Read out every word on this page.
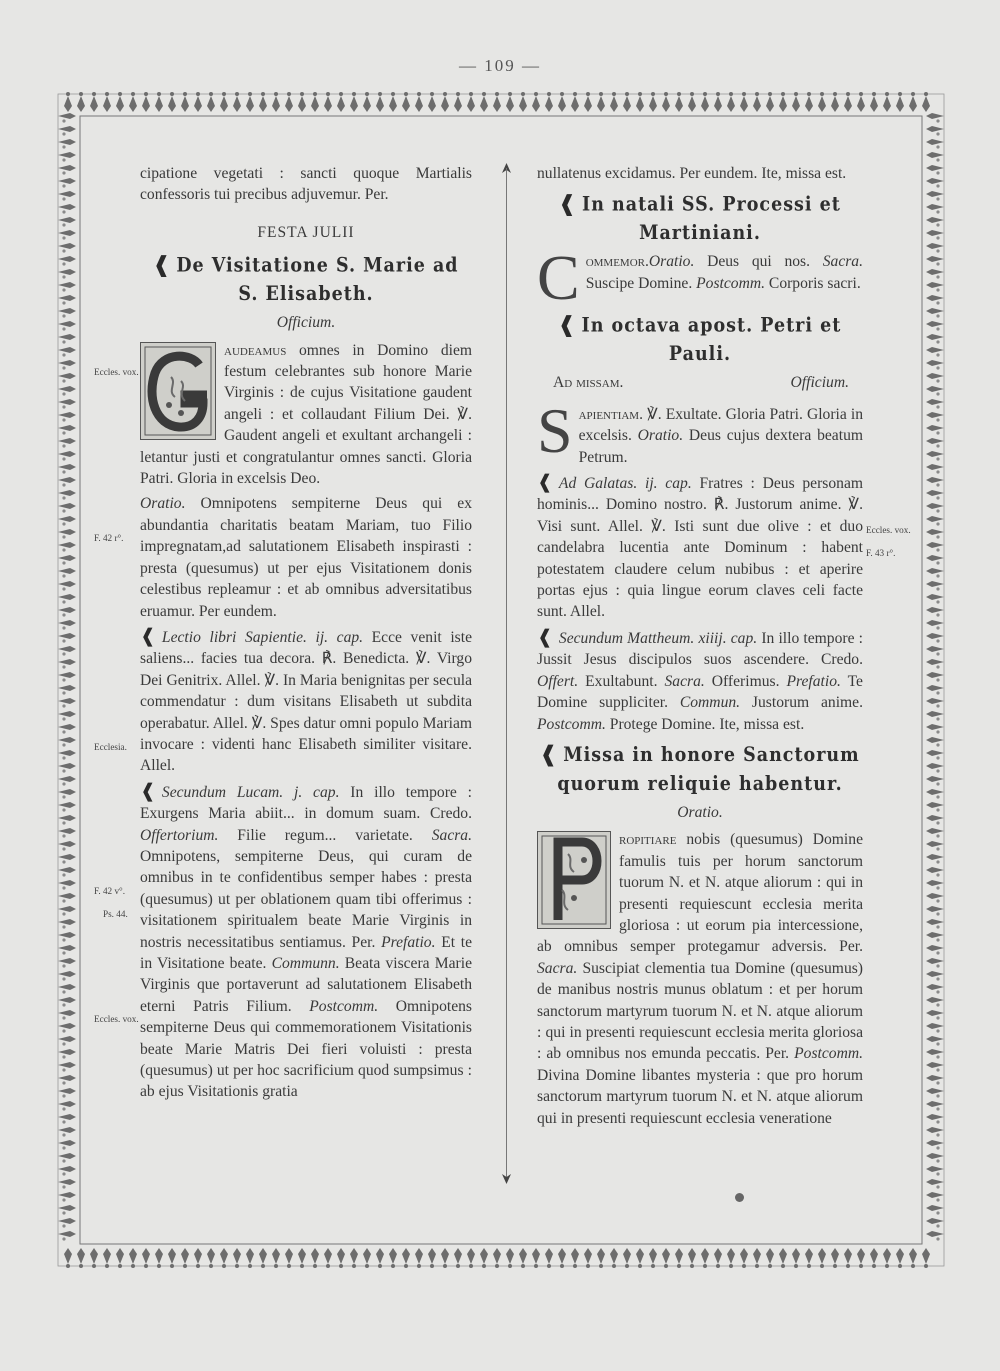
— 109 —
Eccles. vox.
F. 42 r°.
Ecclesia.
F. 42 v°.
Ps. 44.
Eccles. vox.
Eccles. vox.
F. 43 r°.

cipatione vegetati : sancti quoque Martialis confessoris tui precibus adjuvemur. Per.

FESTA JULII
❰ De Visitatione S. Marie ad S. Elisabeth.
Officium.

audeamus omnes in Domino diem festum celebrantes sub honore Marie Virginis : de cujus Visitatione gaudent angeli : et collaudant Filium Dei. ℣. Gaudent angeli et exultant archangeli : letantur justi et congratulantur omnes sancti. Gloria Patri. Gloria in excelsis Deo.

Oratio. Omnipotens sempiterne Deus qui ex abundantia charitatis beatam Mariam, tuo Filio impregnatam,ad salutationem Elisabeth inspirasti : presta (quesumus) ut per ejus Visitationem donis celestibus repleamur : et ab omnibus adversitatibus eruamur. Per eundem.

❰ Lectio libri Sapientie. ij. cap. Ecce venit iste saliens... facies tua decora. ℟. Benedicta. ℣. Virgo Dei Genitrix. Allel. ℣. In Maria benignitas per secula commendatur : dum visitans Elisabeth ut subdita operabatur. Allel. ℣. Spes datur omni populo Mariam invocare : videnti hanc Elisabeth similiter visitare. Allel.

❰ Secundum Lucam. j. cap. In illo tempore : Exurgens Maria abiit... in domum suam. Credo. Offertorium. Filie regum... varietate. Sacra. Omnipotens, sempiterne Deus, qui curam de omnibus in te confidentibus semper habes : presta (quesumus) ut per oblationem quam tibi offerimus : visitationem spiritualem beate Marie Virginis in nostris necessitatibus sentiamus. Per. Prefatio. Et te in Visitatione beate. Communn. Beata viscera Marie Virginis que portaverunt ad salutationem Elisabeth eterni Patris Filium. Postcomm. Omnipotens sempiterne Deus qui commemorationem Visitationis beate Marie Matris Dei fieri voluisti : presta (quesumus) ut per hoc sacrificium quod sumpsimus : ab ejus Visitationis gratia

nullatenus excidamus. Per eundem. Ite, missa est.

❰ In natali SS. Processi et Martiniani.

Commemor.Oratio. Deus qui nos. Sacra. Suscipe Domine. Postcomm. Corporis sacri.

❰ In octava apost. Petri et Pauli.
Ad missam.	Officium.

Sapientiam. ℣. Exultate. Gloria Patri. Gloria in excelsis. Oratio. Deus cujus dextera beatum Petrum.

❰ Ad Galatas. ij. cap. Fratres : Deus personam hominis... Domino nostro. ℟. Justorum anime. ℣. Visi sunt. Allel. ℣. Isti sunt due olive : et duo candelabra lucentia ante Dominum : habent potestatem claudere celum nubibus : et aperire portas ejus : quia lingue eorum claves celi facte sunt. Allel.

❰ Secundum Mattheum. xiiij. cap. In illo tempore : Jussit Jesus discipulos suos ascendere. Credo. Offert. Exultabunt. Sacra. Offerimus. Prefatio. Te Domine suppliciter. Commun. Justorum anime. Postcomm. Protege Domine. Ite, missa est.

❰ Missa in honore Sanctorum quorum reliquie habentur.
Oratio.

ropitiare nobis (quesumus) Domine famulis tuis per horum sanctorum tuorum N. et N. atque aliorum : qui in presenti requiescunt ecclesia merita gloriosa : ut eorum pia intercessione, ab omnibus semper protegamur adversis. Per. Sacra. Suscipiat clementia tua Domine (quesumus) de manibus nostris munus oblatum : et per horum sanctorum martyrum tuorum N. et N. atque aliorum : qui in presenti requiescunt ecclesia merita gloriosa : ab omnibus nos emunda peccatis. Per. Postcomm. Divina Domine libantes mysteria : que pro horum sanctorum martyrum tuorum N. et N. atque aliorum qui in presenti requiescunt ecclesia veneratione
